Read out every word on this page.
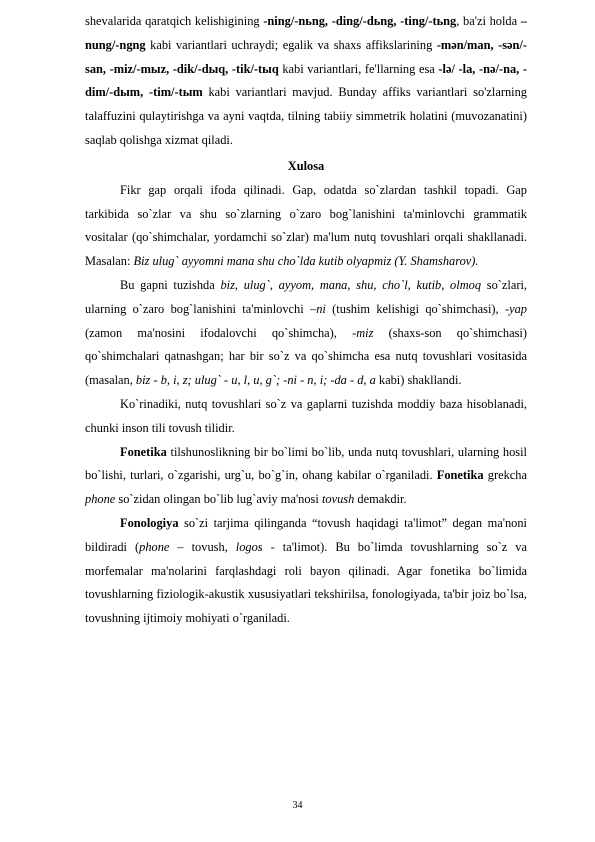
shevalarida qaratqich kelishigining -ning/-nьng, -ding/-dьng, -ting/-tьng, ba'zi holda –nung/-ngng kabi variantlari uchraydi; egalik va shaxs affikslarining -mən/man, -sən/-san, -miz/-mыz, -dik/-dыq, -tik/-tыq kabi variantlari, fe'llarning esa -lə/ -la, -nə/-na, -dim/-dыm, -tim/-tыm kabi variantlari mavjud. Bunday affiks variantlari so'zlarning talaffuzini qulaytirishga va ayni vaqtda, tilning tabiiy simmetrik holatini (muvozanatini) saqlab qolishga xizmat qiladi.

Xulosa

Fikr gap orqali ifoda qilinadi. Gap, odatda so`zlardan tashkil topadi. Gap tarkibida so`zlar va shu so`zlarning o`zaro bog`lanishini ta'minlovchi grammatik vositalar (qo`shimchalar, yordamchi so`zlar) ma'lum nutq tovushlari orqali shakllanadi. Masalan: Biz ulug` ayyomni mana shu cho`lda kutib olyapmiz (Y. Shamsharov).

Bu gapni tuzishda biz, ulug`, ayyom, mana, shu, cho`l, kutib, olmoq so`zlari, ularning o`zaro bog`lanishini ta'minlovchi –ni (tushim kelishigi qo`shimchasi), -yap (zamon ma'nosini ifodalovchi qo`shimcha), -miz (shaxs-son qo`shimchasi) qo`shimchalari qatnashgan; har bir so`z va qo`shimcha esa nutq tovushlari vositasida (masalan, biz - b, i, z; ulug` - u, l, u, g`; -ni - n, i; -da - d, a kabi) shakllandi.

Ko`rinadiki, nutq tovushlari so`z va gaplarni tuzishda moddiy baza hisoblanadi, chunki inson tili tovush tilidir.

Fonetika tilshunoslikning bir bo`limi bo`lib, unda nutq tovushlari, ularning hosil bo`lishi, turlari, o`zgarishi, urg`u, bo`g`in, ohang kabilar o`rganiladi. Fonetika grekcha phone so`zidan olingan bo`lib lug`aviy ma'nosi tovush demakdir.

Fonologiya so`zi tarjima qilinganda “tovush haqidagi ta'limot” degan ma'noni bildiradi (phone – tovush, logos - ta'limot). Bu bo`limda tovushlarning so`z va morfemalar ma'nolarini farqlashdagi roli bayon qilinadi. Agar fonetika bo`limida tovushlarning fiziologik-akustik xususiyatlari tekshirilsa, fonologiyada, ta'bir joiz bo`lsa, tovushning ijtimoiy mohiyati o`rganiladi.

34
